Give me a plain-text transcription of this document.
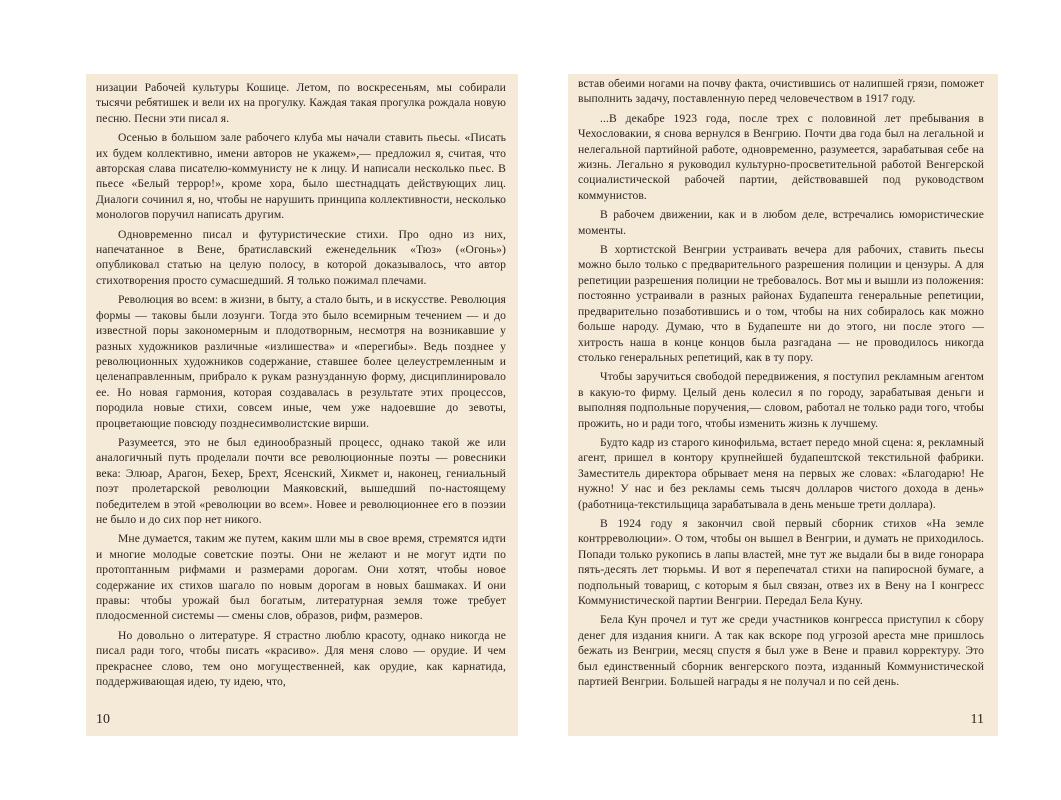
низации Рабочей культуры Кошице. Летом, по воскресеньям, мы собирали тысячи ребятишек и вели их на прогулку. Каждая такая прогулка рождала новую песню. Песни эти писал я.

Осенью в большом зале рабочего клуба мы начали ставить пьесы. «Писать их будем коллективно, имени авторов не укажем»,— предложил я, считая, что авторская слава писателю-коммунисту не к лицу. И написали несколько пьес. В пьесе «Белый террор!», кроме хора, было шестнадцать действующих лиц. Диалоги сочинил я, но, чтобы не нарушить принципа коллективности, несколько монологов поручил написать другим.

Одновременно писал и футуристические стихи. Про одно из них, напечатанное в Вене, братиславский еженедельник «Тюз» («Огонь») опубликовал статью на целую полосу, в которой доказывалось, что автор стихотворения просто сумасшедший. Я только пожимал плечами.

Революция во всем: в жизни, в быту, а стало быть, и в искусстве. Революция формы — таковы были лозунги. Тогда это было всемирным течением — и до известной поры закономерным и плодотворным, несмотря на возникавшие у разных художников различные «излишества» и «перегибы». Ведь позднее у революционных художников содержание, ставшее более целеустремленным и целенаправленным, прибрало к рукам разнузданную форму, дисциплинировало ее. Но новая гармония, которая создавалась в результате этих процессов, породила новые стихи, совсем иные, чем уже надоевшие до зевоты, процветающие повсюду позднесимволистские вирши.

Разумеется, это не был единообразный процесс, однако такой же или аналогичный путь проделали почти все революционные поэты — ровесники века: Элюар, Арагон, Бехер, Брехт, Ясенский, Хикмет и, наконец, гениальный поэт пролетарской революции Маяковский, вышедший по-настоящему победителем в этой «революции во всем». Новее и революционнее его в поэзии не было и до сих пор нет никого.

Мне думается, таким же путем, каким шли мы в свое время, стремятся идти и многие молодые советские поэты. Они не желают и не могут идти по протоптанным рифмами и размерами дорогам. Они хотят, чтобы новое содержание их стихов шагало по новым дорогам в новых башмаках. И они правы: чтобы урожай был богатым, литературная земля тоже требует плодосменной системы — смены слов, образов, рифм, размеров.

Но довольно о литературе. Я страстно люблю красоту, однако никогда не писал ради того, чтобы писать «красиво». Для меня слово — орудие. И чем прекраснее слово, тем оно могущественней, как орудие, как карнатида, поддерживающая идею, ту идею, что,

10

встав обеими ногами на почву факта, очистившись от налипшей грязи, поможет выполнить задачу, поставленную перед человечеством в 1917 году.

...В декабре 1923 года, после трех с половиной лет пребывания в Чехословакии, я снова вернулся в Венгрию. Почти два года был на легальной и нелегальной партийной работе, одновременно, разумеется, зарабатывая себе на жизнь. Легально я руководил культурно-просветительной работой Венгерской социалистической рабочей партии, действовавшей под руководством коммунистов.

В рабочем движении, как и в любом деле, встречались юмористические моменты.

В хортистской Венгрии устраивать вечера для рабочих, ставить пьесы можно было только с предварительного разрешения полиции и цензуры. А для репетиции разрешения полиции не требовалось. Вот мы и вышли из положения: постоянно устраивали в разных районах Будапешта генеральные репетиции, предварительно позаботившись и о том, чтобы на них собиралось как можно больше народу. Думаю, что в Будапеште ни до этого, ни после этого — хитрость наша в конце концов была разгадана — не проводилось никогда столько генеральных репетиций, как в ту пору.

Чтобы заручиться свободой передвижения, я поступил рекламным агентом в какую-то фирму. Целый день колесил я по городу, зарабатывая деньги и выполняя подпольные поручения,— словом, работал не только ради того, чтобы прожить, но и ради того, чтобы изменить жизнь к лучшему.

Будто кадр из старого кинофильма, встает передо мной сцена: я, рекламный агент, пришел в контору крупнейшей будапештской текстильной фабрики. Заместитель директора обрывает меня на первых же словах: «Благодарю! Не нужно! У нас и без рекламы семь тысяч долларов чистого дохода в день» (работница-текстильщица зарабатывала в день меньше трети доллара).

В 1924 году я закончил свой первый сборник стихов «На земле контрреволюции». О том, чтобы он вышел в Венгрии, и думать не приходилось. Попади только рукопись в лапы властей, мне тут же выдали бы в виде гонорара пять-десять лет тюрьмы. И вот я перепечатал стихи на папиросной бумаге, а подпольный товарищ, с которым я был связан, отвез их в Вену на I конгресс Коммунистической партии Венгрии. Передал Бела Куну.

Бела Кун прочел и тут же среди участников конгресса приступил к сбору денег для издания книги. А так как вскоре под угрозой ареста мне пришлось бежать из Венгрии, месяц спустя я был уже в Вене и правил корректуру. Это был единственный сборник венгерского поэта, изданный Коммунистической партией Венгрии. Большей награды я не получал и по сей день.

11
